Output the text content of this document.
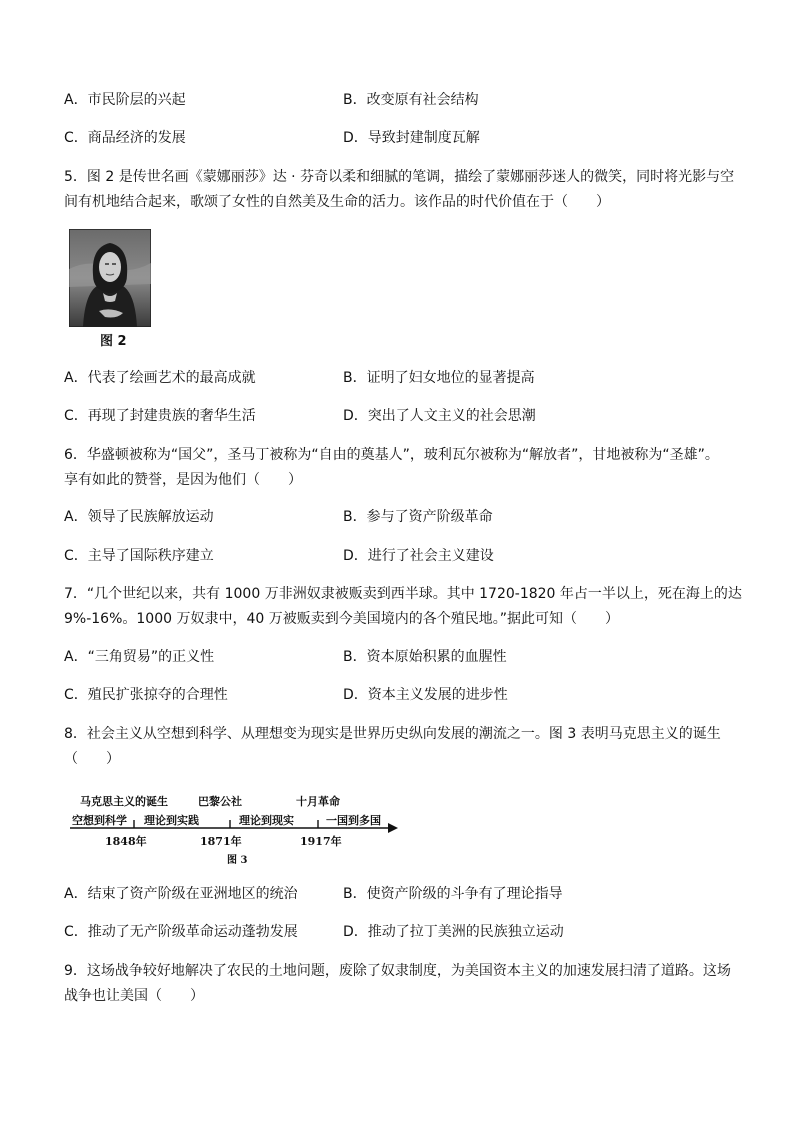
A．市民阶层的兴起	B．改变原有社会结构
C．商品经济的发展	D．导致封建制度瓦解
5．图 2 是传世名画《蒙娜丽莎》达 · 芬奇以柔和细腻的笔调，描绘了蒙娜丽莎迷人的微笑，同时将光影与空
间有机地结合起来，歌颂了女性的自然美及生命的活力。该作品的时代价值在于（　　）
图 2
A．代表了绘画艺术的最高成就	B．证明了妇女地位的显著提高
C．再现了封建贵族的奢华生活	D．突出了人文主义的社会思潮
6．华盛顿被称为“国父”，圣马丁被称为“自由的奠基人”，玻利瓦尔被称为“解放者”，甘地被称为“圣雄”。
享有如此的赞誉，是因为他们（　　）
A．领导了民族解放运动	B．参与了资产阶级革命
C．主导了国际秩序建立	D．进行了社会主义建设
7．“几个世纪以来，共有 1000 万非洲奴隶被贩卖到西半球。其中 1720-1820 年占一半以上，死在海上的达
9%-16%。1000 万奴隶中，40 万被贩卖到今美国境内的各个殖民地。”据此可知（　　）
A．“三角贸易”的正义性	B．资本原始积累的血腥性
C．殖民扩张掠夺的合理性	D．资本主义发展的进步性
8．社会主义从空想到科学、从理想变为现实是世界历史纵向发展的潮流之一。图 3 表明马克思主义的诞生
（　　）
马克思主义的诞生	巴黎公社	十月革命
空想到科学 理论到实践	理论到现实	一国到多国
1848年	1871年	1917年
图 3
A．结束了资产阶级在亚洲地区的统治	B．使资产阶级的斗争有了理论指导
C．推动了无产阶级革命运动蓬勃发展	D．推动了拉丁美洲的民族独立运动
9．这场战争较好地解决了农民的土地问题，废除了奴隶制度，为美国资本主义的加速发展扫清了道路。这场
战争也让美国（　　）
